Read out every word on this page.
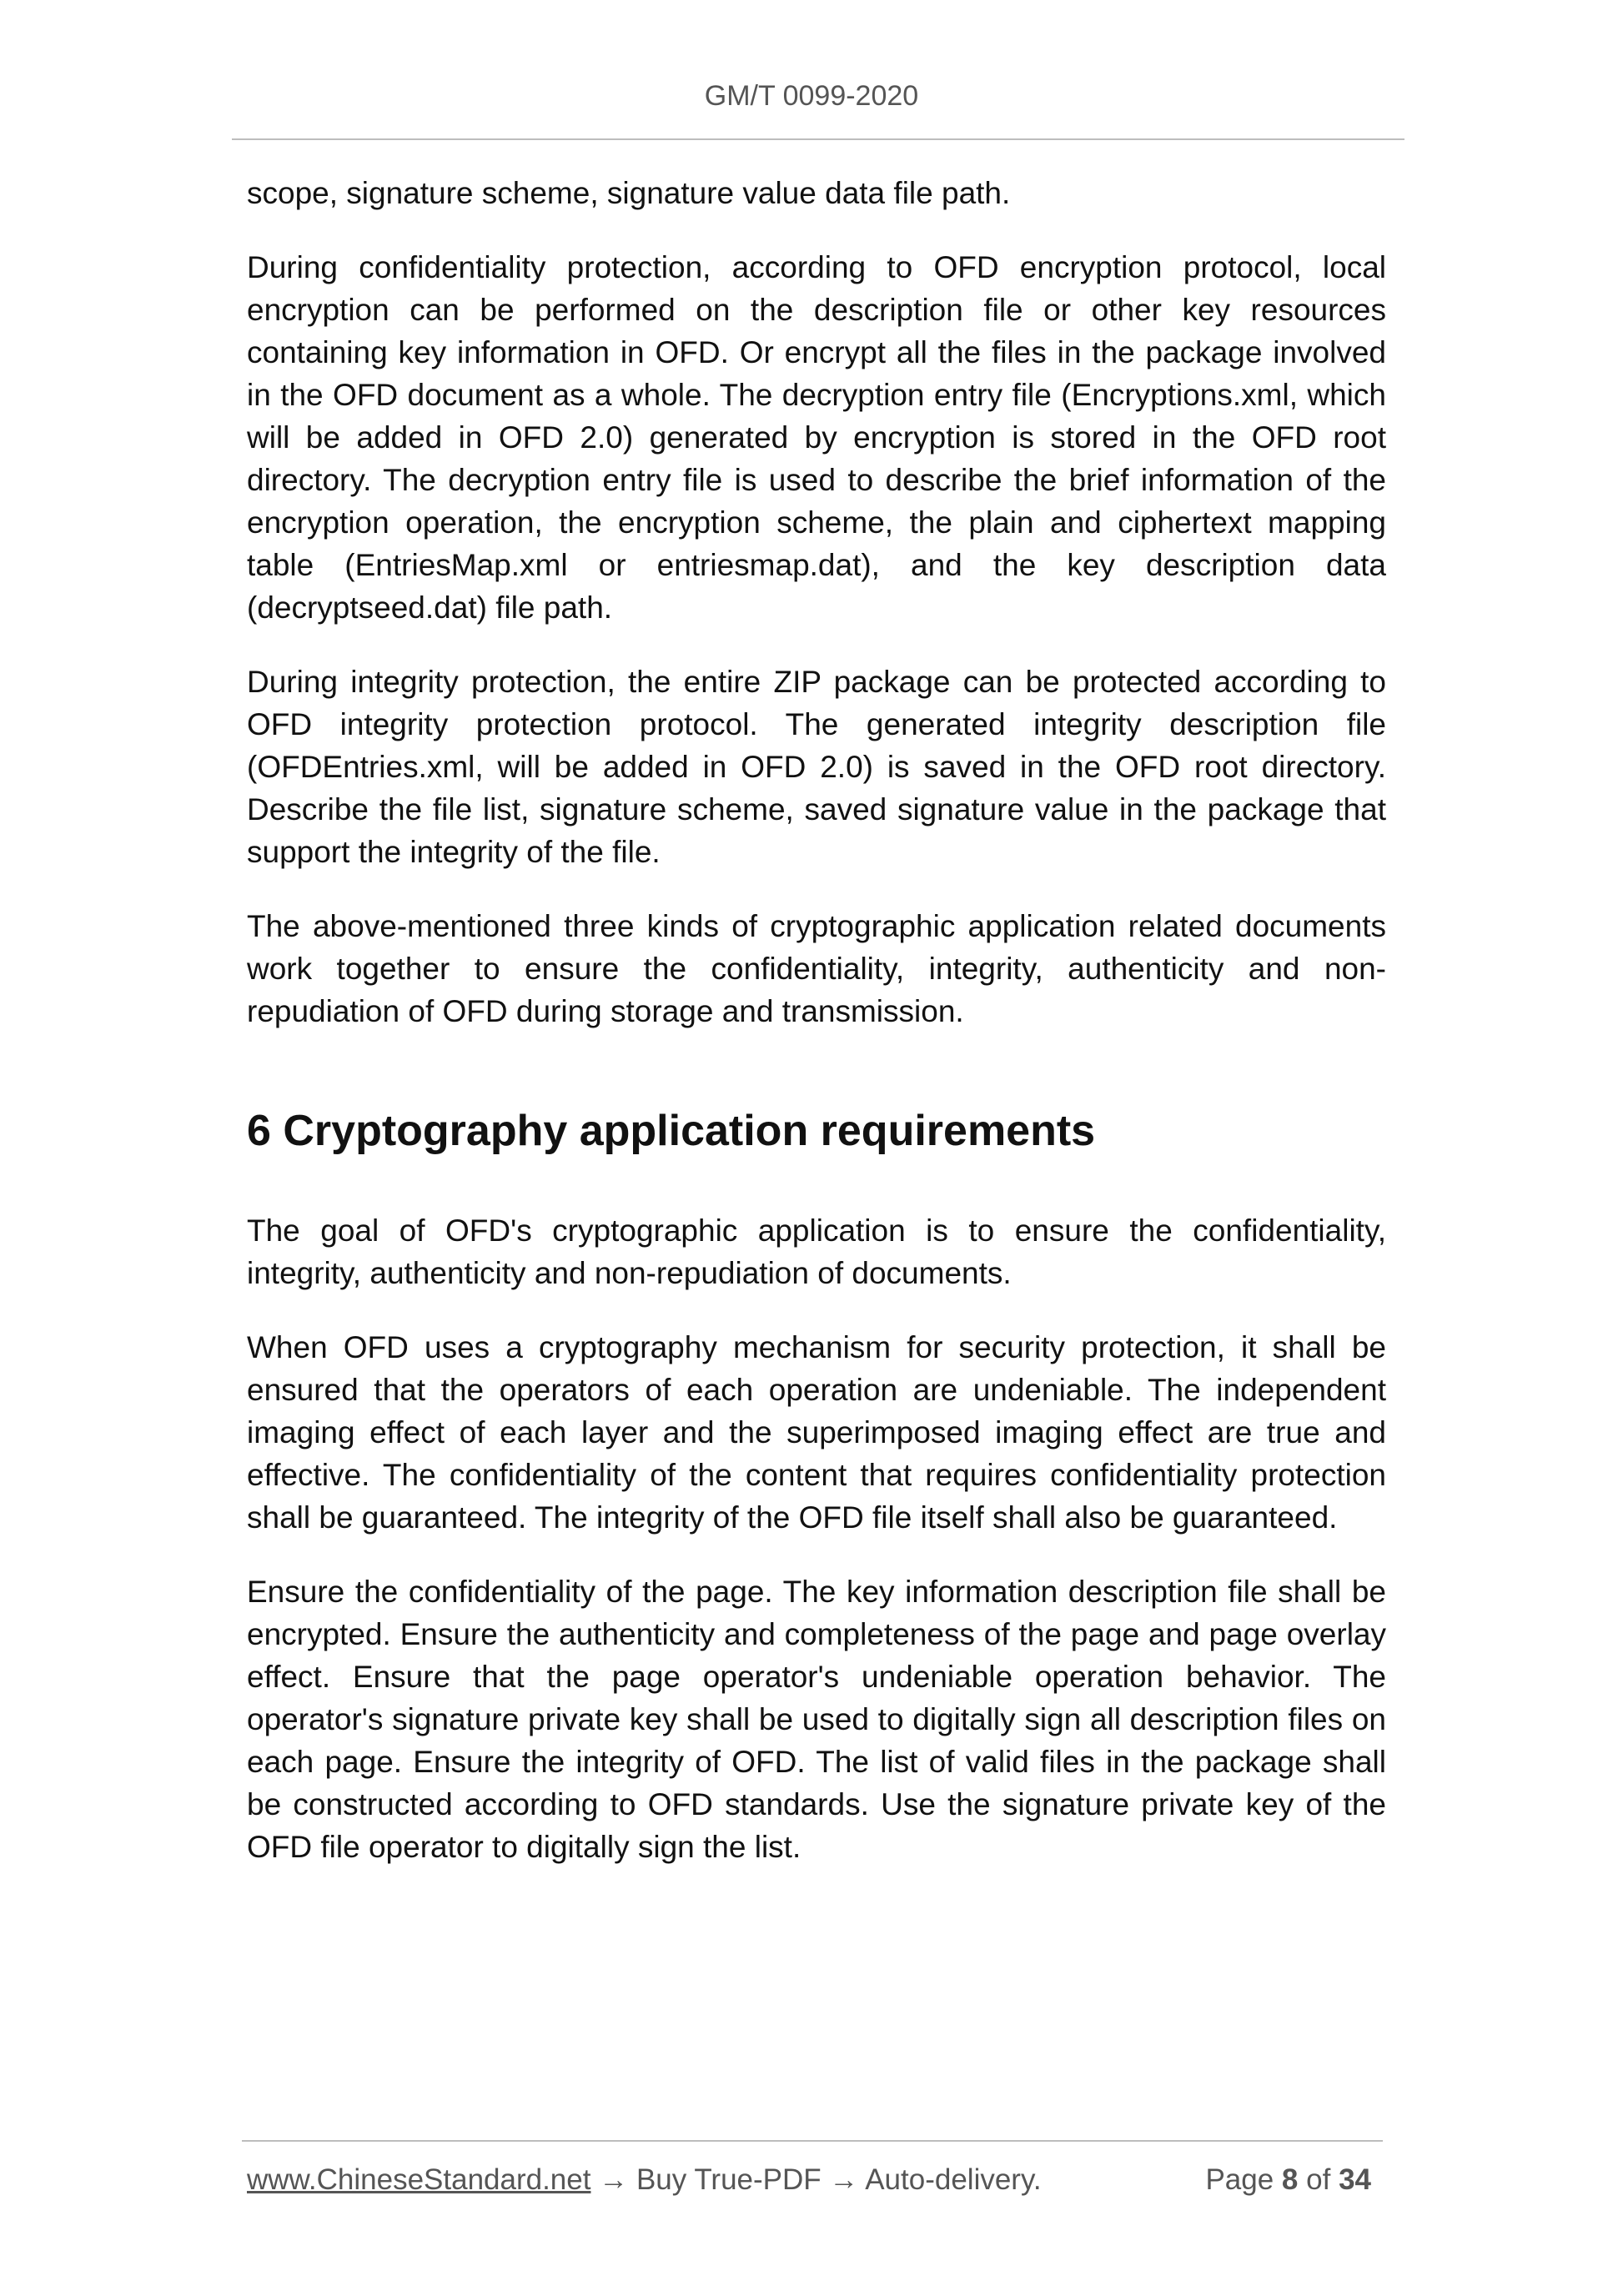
GM/T 0099-2020

scope, signature scheme, signature value data file path.

During confidentiality protection, according to OFD encryption protocol, local encryption can be performed on the description file or other key resources containing key information in OFD. Or encrypt all the files in the package involved in the OFD document as a whole. The decryption entry file (Encryptions.xml, which will be added in OFD 2.0) generated by encryption is stored in the OFD root directory. The decryption entry file is used to describe the brief information of the encryption operation, the encryption scheme, the plain and ciphertext mapping table (EntriesMap.xml or entriesmap.dat), and the key description data (decryptseed.dat) file path.

During integrity protection, the entire ZIP package can be protected according to OFD integrity protection protocol. The generated integrity description file (OFDEntries.xml, will be added in OFD 2.0) is saved in the OFD root directory. Describe the file list, signature scheme, saved signature value in the package that support the integrity of the file.

The above-mentioned three kinds of cryptographic application related documents work together to ensure the confidentiality, integrity, authenticity and non-repudiation of OFD during storage and transmission.

6 Cryptography application requirements

The goal of OFD's cryptographic application is to ensure the confidentiality, integrity, authenticity and non-repudiation of documents.

When OFD uses a cryptography mechanism for security protection, it shall be ensured that the operators of each operation are undeniable. The independent imaging effect of each layer and the superimposed imaging effect are true and effective. The confidentiality of the content that requires confidentiality protection shall be guaranteed. The integrity of the OFD file itself shall also be guaranteed.

Ensure the confidentiality of the page. The key information description file shall be encrypted. Ensure the authenticity and completeness of the page and page overlay effect. Ensure that the page operator's undeniable operation behavior. The operator's signature private key shall be used to digitally sign all description files on each page. Ensure the integrity of OFD. The list of valid files in the package shall be constructed according to OFD standards. Use the signature private key of the OFD file operator to digitally sign the list.

www.ChineseStandard.net → Buy True-PDF → Auto-delivery.	Page 8 of 34
